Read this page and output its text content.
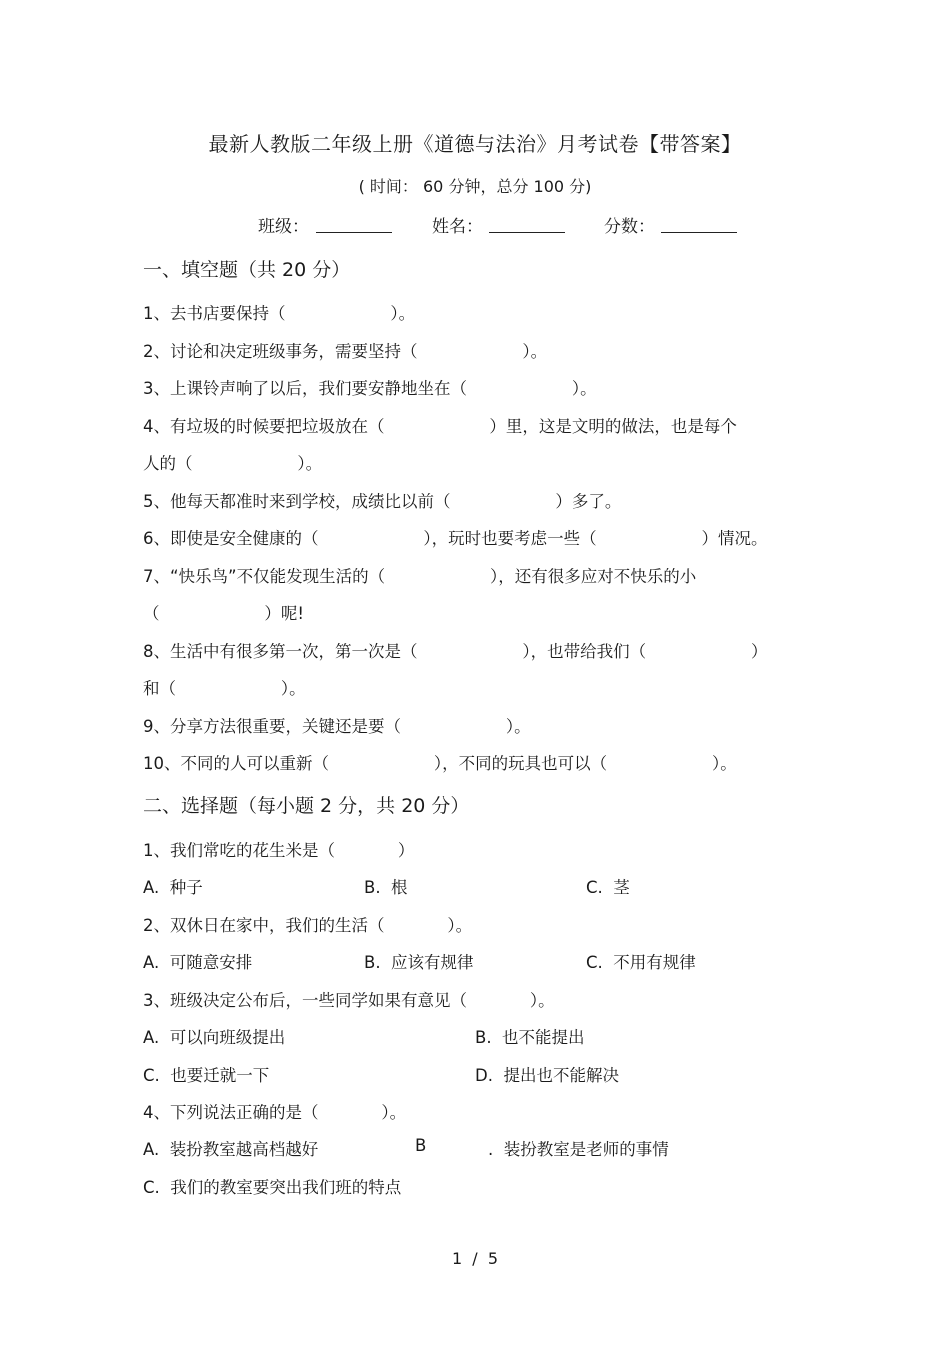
最新人教版二年级上册《道德与法治》月考试卷【带答案】
( 时间： 60 分钟，总分 100 分)
班级：	姓名：	分数：
一、填空题（共 20 分）
1、去书店要保持（                    ）。
2、讨论和决定班级事务，需要坚持（                    ）。
3、上课铃声响了以后，我们要安静地坐在（                    ）。
4、有垃圾的时候要把垃圾放在（                    ）里，这是文明的做法，也是每个
人的（                    ）。
5、他每天都准时来到学校，成绩比以前（                    ）多了。
6、即使是安全健康的（                    ），玩时也要考虑一些（                    ）情况。
7、“快乐鸟”不仅能发现生活的（                    ），还有很多应对不快乐的小
（                    ）呢!
8、生活中有很多第一次，第一次是（                    ），也带给我们（                    ）
和（                    ）。
9、分享方法很重要，关键还是要（                    ）。
10、不同的人可以重新（                    ），不同的玩具也可以（                    ）。
二、选择题（每小题 2 分，共 20 分）
1、我们常吃的花生米是（            ）
A.  种子	B.  根	C.  茎
2、双休日在家中，我们的生活（            ）。
A.  可随意安排	B.  应该有规律	C.  不用有规律
3、班级决定公布后，一些同学如果有意见（            ）。
A.  可以向班级提出	B.  也不能提出
C.  也要迁就一下	D.  提出也不能解决
4、下列说法正确的是（            ）。
A.  装扮教室越高档越好	B	.  装扮教室是老师的事情
C.  我们的教室要突出我们班的特点
1  /  5
